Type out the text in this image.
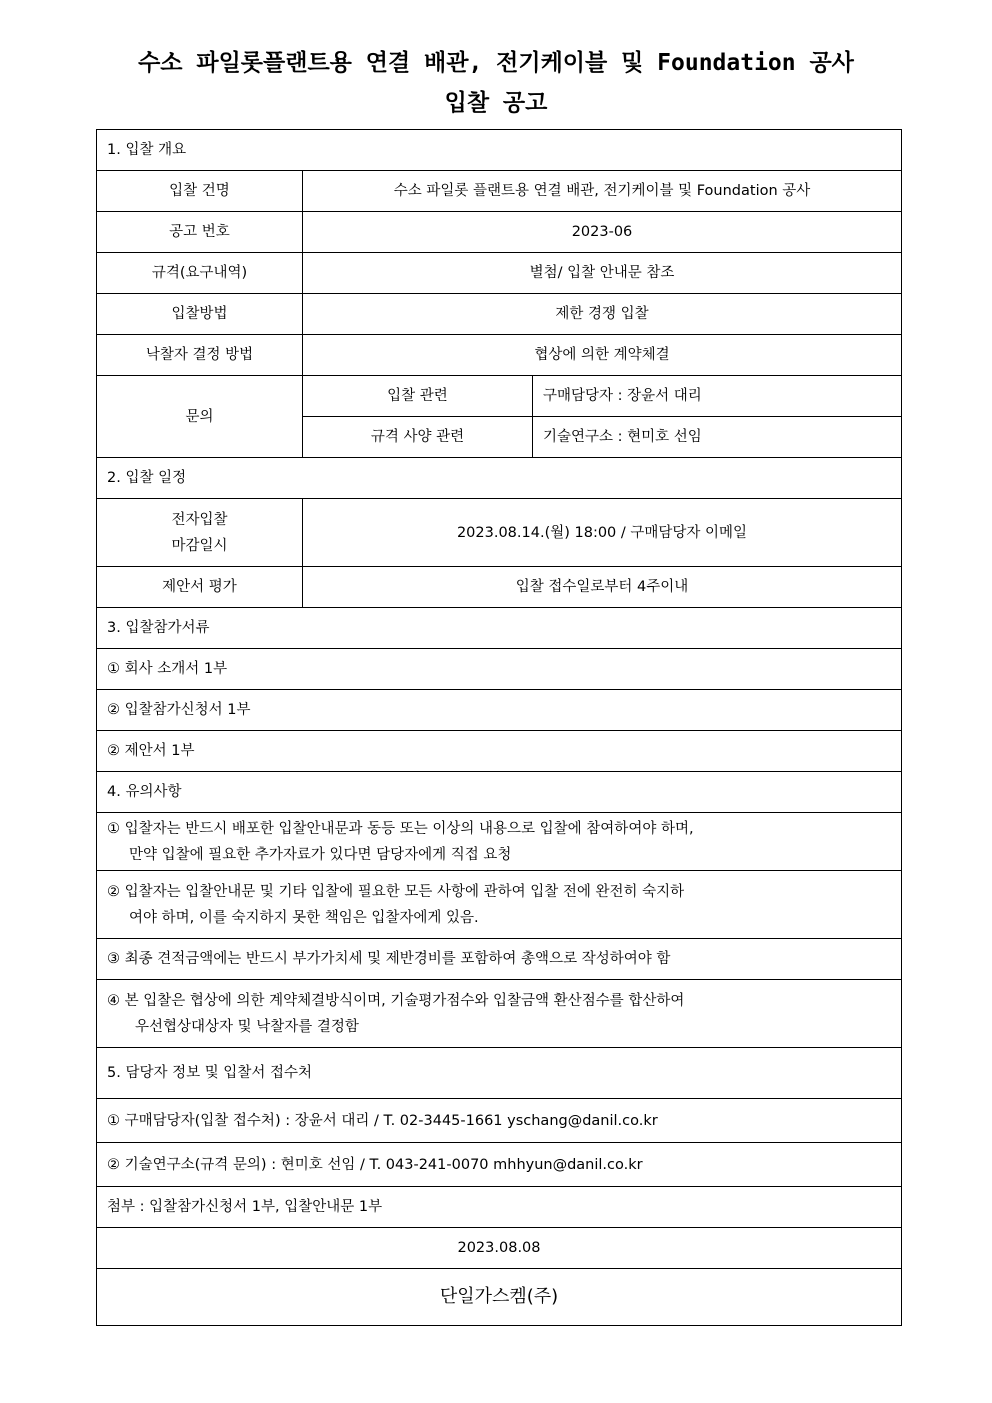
수소 파일롯플랜트용 연결 배관, 전기케이블 및 Foundation 공사
입찰 공고
1. 입찰 개요		
입찰 건명	수소 파일롯 플랜트용 연결 배관, 전기케이블 및 Foundation 공사	
공고 번호	2023-06	
규격(요구내역)	별첨/ 입찰 안내문 참조	
입찰방법	제한 경쟁 입찰	
낙찰자 결정 방법	협상에 의한 계약체결	
문의	입찰 관련	구매담당자 : 장윤서 대리
	규격 사양 관련	기술연구소 : 현미호 선임
2. 입찰 일정		

전자입찰
마감일시	2023.08.14.(월) 18:00 / 구매담당자 이메일	
제안서 평가	입찰 접수일로부터 4주이내	
3. 입찰참가서류		
① 회사 소개서 1부		
② 입찰참가신청서 1부		
② 제안서 1부		
4. 유의사항		

① 입찰자는 반드시 배포한 입찰안내문과 동등 또는 이상의 내용으로 입찰에 참여하여야 하며,
만약 입찰에 필요한 추가자료가 있다면 담당자에게 직접 요청		

② 입찰자는 입찰안내문 및 기타 입찰에 필요한 모든 사항에 관하여 입찰 전에 완전히 숙지하
여야 하며, 이를 숙지하지 못한 책임은 입찰자에게 있음.		

③ 최종 견적금액에는 반드시 부가가치세 및 제반경비를 포함하여 총액으로 작성하여야 함		

④ 본 입찰은 협상에 의한 계약체결방식이며, 기술평가점수와 입찰금액 환산점수를 합산하여
우선협상대상자 및 낙찰자를 결정함		

5. 담당자 정보 및 입찰서 접수처		
① 구매담당자(입찰 접수처) : 장윤서 대리 / T. 02-3445-1661 yschang@danil.co.kr		
② 기술연구소(규격 문의) : 현미호 선임 / T. 043-241-0070 mhhyun@danil.co.kr		
첨부 : 입찰참가신청서 1부, 입찰안내문 1부		
2023.08.08		
단일가스켐(주)		
